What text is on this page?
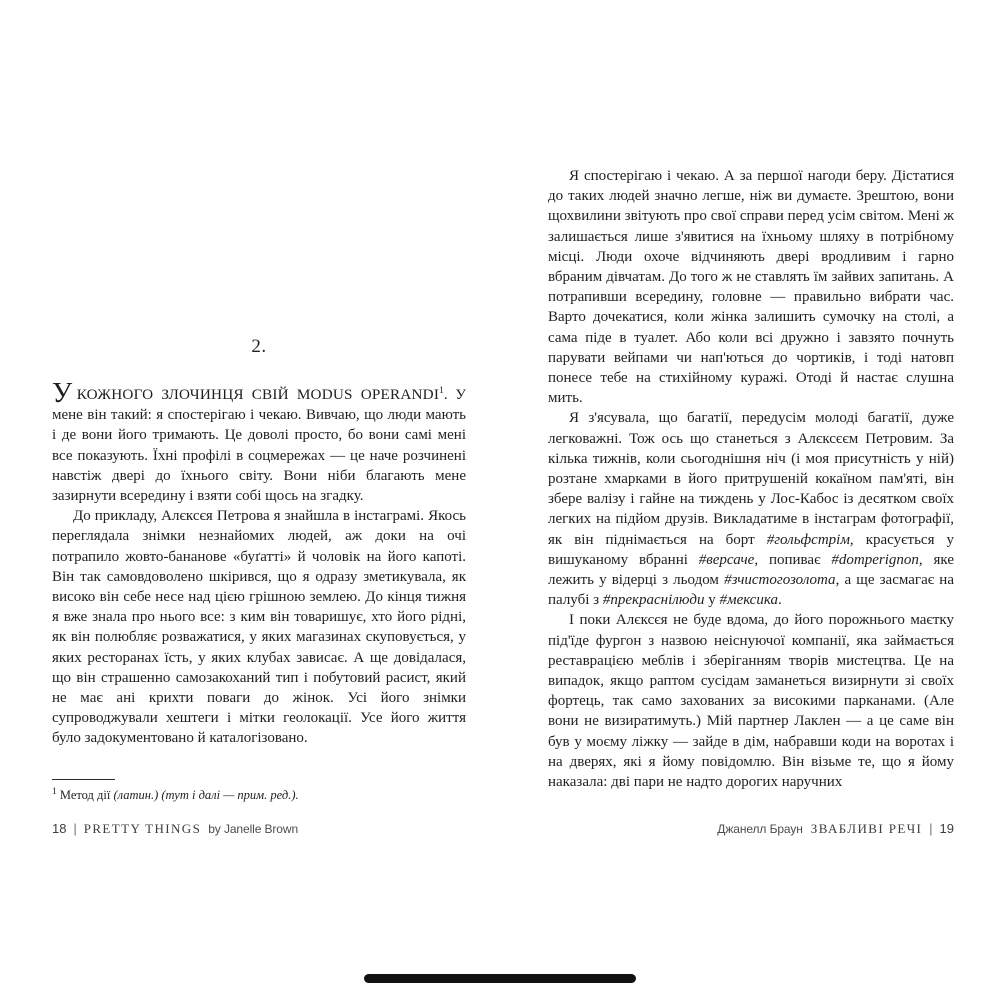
2.

УКОЖНОГО ЗЛОЧИНЦЯ СВІЙ MODUS OPERANDI$^1$. У мене він такий: я спостерігаю і чекаю. Вивчаю, що люди мають і де вони його тримають. Це доволі просто, бо вони самі мені все показують. Їхні профілі в соцмережах — це наче розчинені навстіж двері до їхнього світу. Вони ніби благають мене зазирнути всередину і взяти собі щось на згадку.

До прикладу, Алєксєя Петрова я знайшла в інстаграмі. Якось переглядала знімки незнайомих людей, аж доки на очі потрапило жовто-бананове «буґатті» й чоловік на його капоті. Він так самовдоволено шкірився, що я одразу зметикувала, як високо він себе несе над цією грішною землею. До кінця тижня я вже знала про нього все: з ким він товаришує, хто його рідні, як він полюбляє розважатися, у яких магазинах скуповується, у яких ресторанах їсть, у яких клубах зависає. А ще довідалася, що він страшенно самозакоханий тип і побутовий расист, який не має ані крихти поваги до жінок. Усі його знімки супроводжували хештеги і мітки геолокації. Усе його життя було задокументовано й каталогізовано.

$^1$ Метод дії (латин.) (тут і далі — прим. ред.).

18 | PRETTY THINGS by Janelle Brown

Я спостерігаю і чекаю. А за першої нагоди беру. Дістатися до таких людей значно легше, ніж ви думаєте. Зрештою, вони щохвилини звітують про свої справи перед усім світом. Мені ж залишається лише з'явитися на їхньому шляху в потрібному місці. Люди охоче відчиняють двері вродливим і гарно вбраним дівчатам. До того ж не ставлять їм зайвих запитань. А потрапивши всередину, головне — правильно вибрати час. Варто дочекатися, коли жінка залишить сумочку на столі, а сама піде в туалет. Або коли всі дружно і завзято почнуть парувати вейпами чи нап'ються до чортиків, і тоді натовп понесе тебе на стихійному куражі. Отоді й настає слушна мить.

Я з'ясувала, що багатії, передусім молоді багатії, дуже легковажні. Тож ось що станеться з Алєксєєм Петровим. За кілька тижнів, коли сьогоднішня ніч (і моя присутність у ній) розтане хмарками в його притрушеній кокаїном пам'яті, він збере валізу і гайне на тиждень у Лос-Кабос із десятком своїх легких на підйом друзів. Викладатиме в інстаграм фотографії, як він піднімається на борт #гольфстрім, красується у вишуканому вбранні #версаче, попиває #domperignon, яке лежить у відерці з льодом #зчистогозолота, а ще засмагає на палубі з #прекраснілюди у #мексика.

І поки Алєксєя не буде вдома, до його порожнього маєтку під'їде фургон з назвою неіснуючої компанії, яка займається реставрацією меблів і зберіганням творів мистецтва. Це на випадок, якщо раптом сусідам заманеться визирнути зі своїх фортець, так само захованих за високими парканами. (Але вони не визиратимуть.) Мій партнер Лаклен — а це саме він був у моєму ліжку — зайде в дім, набравши коди на воротах і на дверях, які я йому повідомлю. Він візьме те, що я йому наказала: дві пари не надто дорогих наручних

Джанелл Браун ЗВАБЛИВІ РЕЧІ | 19
